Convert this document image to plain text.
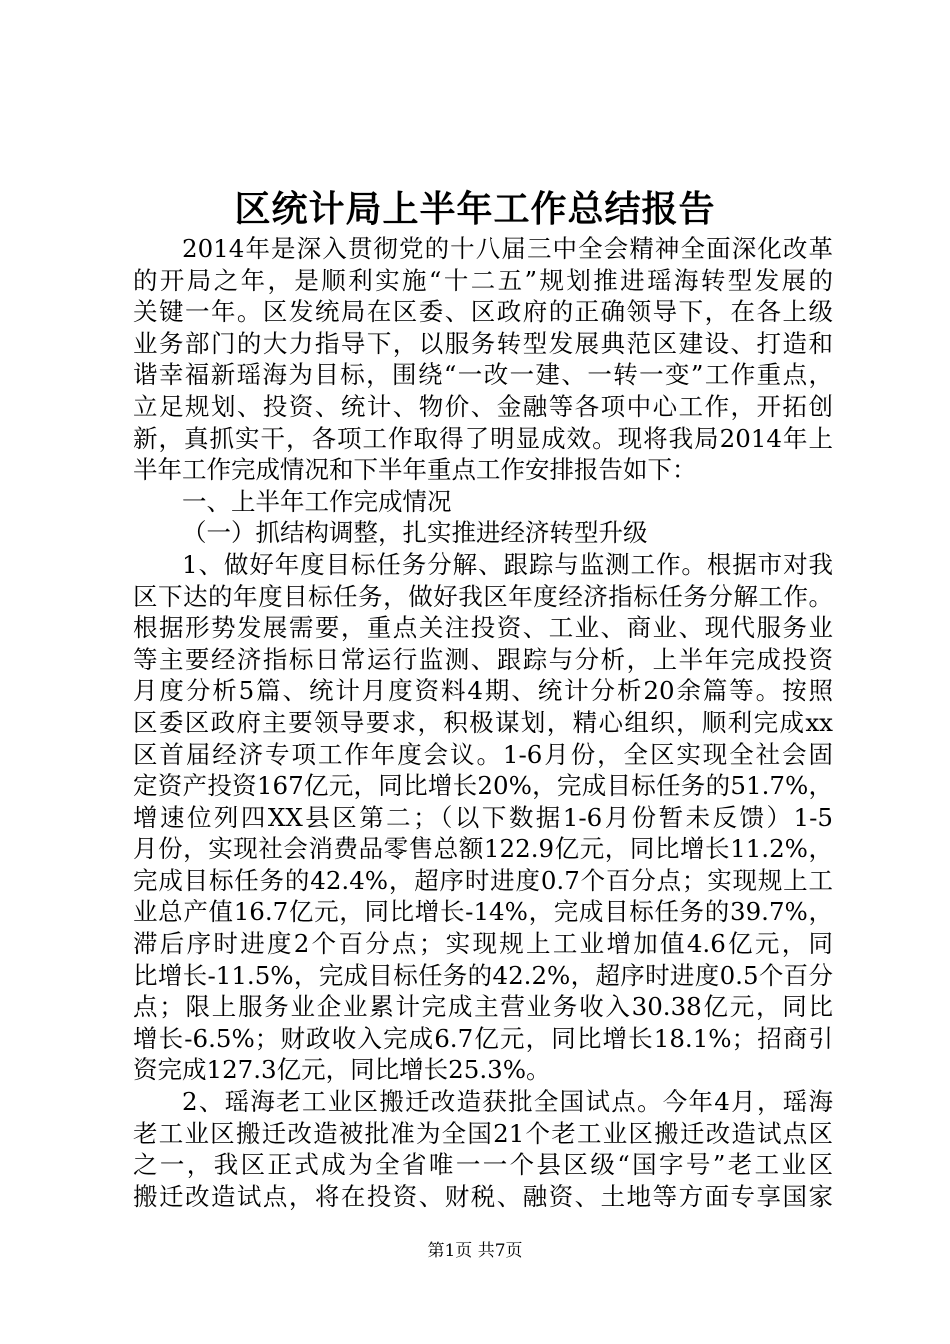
区统计局上半年工作总结报告
2014年是深入贯彻党的十八届三中全会精神全面深化改革
的开局之年，是顺利实施“十二五”规划推进瑶海转型发展的
关键一年。区发统局在区委、区政府的正确领导下，在各上级
业务部门的大力指导下，以服务转型发展典范区建设、打造和
谐幸福新瑶海为目标，围绕“一改一建、一转一变”工作重点，
立足规划、投资、统计、物价、金融等各项中心工作，开拓创
新，真抓实干，各项工作取得了明显成效。现将我局2014年上
半年工作完成情况和下半年重点工作安排报告如下：
一、上半年工作完成情况
（一）抓结构调整，扎实推进经济转型升级
1、做好年度目标任务分解、跟踪与监测工作。根据市对我
区下达的年度目标任务，做好我区年度经济指标任务分解工作。
根据形势发展需要，重点关注投资、工业、商业、现代服务业
等主要经济指标日常运行监测、跟踪与分析，上半年完成投资
月度分析5篇、统计月度资料4期、统计分析20余篇等。按照
区委区政府主要领导要求，积极谋划，精心组织，顺利完成xx
区首届经济专项工作年度会议。1-6月份，全区实现全社会固
定资产投资167亿元，同比增长20%，完成目标任务的51.7%，
增速位列四XX县区第二；（以下数据1-6月份暂未反馈）1-5
月份，实现社会消费品零售总额122.9亿元，同比增长11.2%，
完成目标任务的42.4%，超序时进度0.7个百分点；实现规上工
业总产值16.7亿元，同比增长-14%，完成目标任务的39.7%，
滞后序时进度2个百分点；实现规上工业增加值4.6亿元，同
比增长-11.5%，完成目标任务的42.2%，超序时进度0.5个百分
点；限上服务业企业累计完成主营业务收入30.38亿元，同比
增长-6.5%；财政收入完成6.7亿元，同比增长18.1%；招商引
资完成127.3亿元，同比增长25.3%。
2、瑶海老工业区搬迁改造获批全国试点。今年4月，瑶海
老工业区搬迁改造被批准为全国21个老工业区搬迁改造试点区
之一，我区正式成为全省唯一一个县区级“国字号”老工业区
搬迁改造试点，将在投资、财税、融资、土地等方面专享国家
第1页 共7页
